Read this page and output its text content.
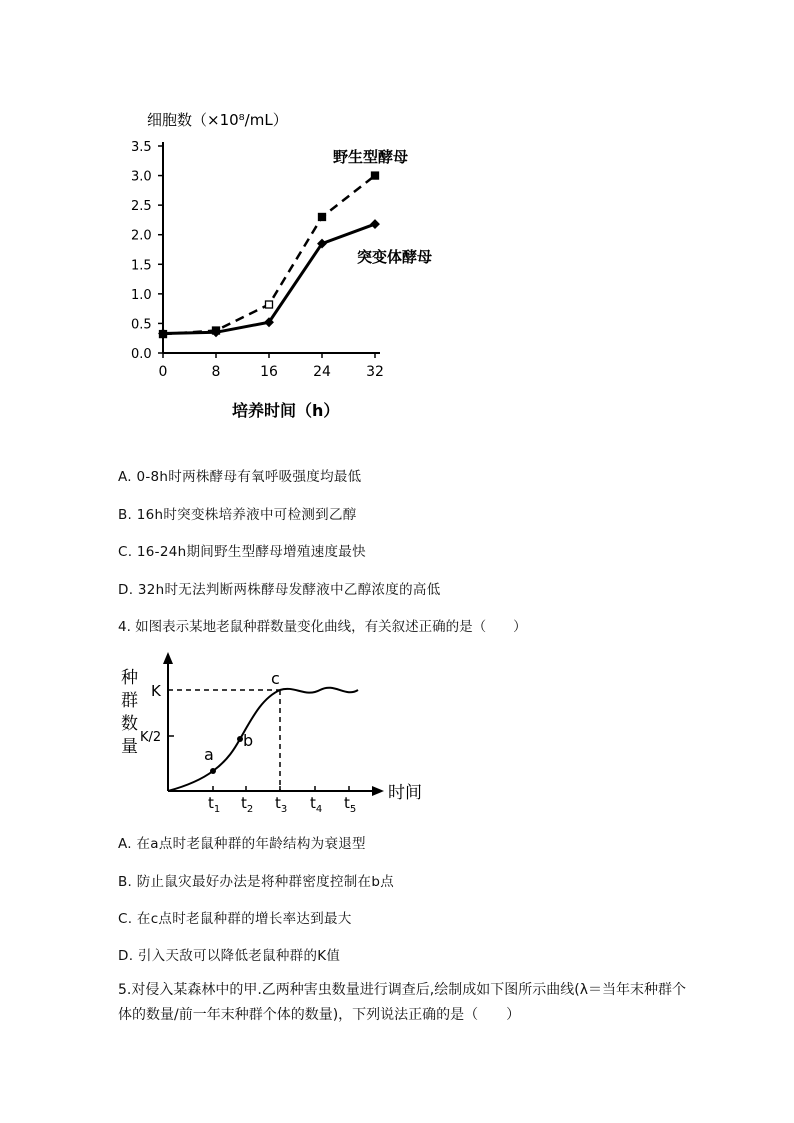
细胞数（×10⁸/mL）
0.0
0.5
1.0
1.5
2.0
2.5
3.0
3.5
0	8	16	24	32
野生型酵母
突变体酵母
培养时间（h）
A. 0-8h时两株酵母有氧呼吸强度均最低
B. 16h时突变株培养液中可检测到乙醇
C. 16-24h期间野生型酵母增殖速度最快
D. 32h时无法判断两株酵母发酵液中乙醇浓度的高低
4. 如图表示某地老鼠种群数量变化曲线，有关叙述正确的是（　　）
种
群
数
量
时间
K
K/2
a
b
c
$t_1$ $t_2$ $t_3$ $t_4$ $t_5$
A. 在a点时老鼠种群的年龄结构为衰退型
B. 防止鼠灾最好办法是将种群密度控制在b点
C. 在c点时老鼠种群的增长率达到最大
D. 引入天敌可以降低老鼠种群的K值
5.对侵入某森林中的甲.乙两种害虫数量进行调查后,绘制成如下图所示曲线(λ＝当年末种群个体的数量/前一年末种群个体的数量)，下列说法正确的是（　　）
